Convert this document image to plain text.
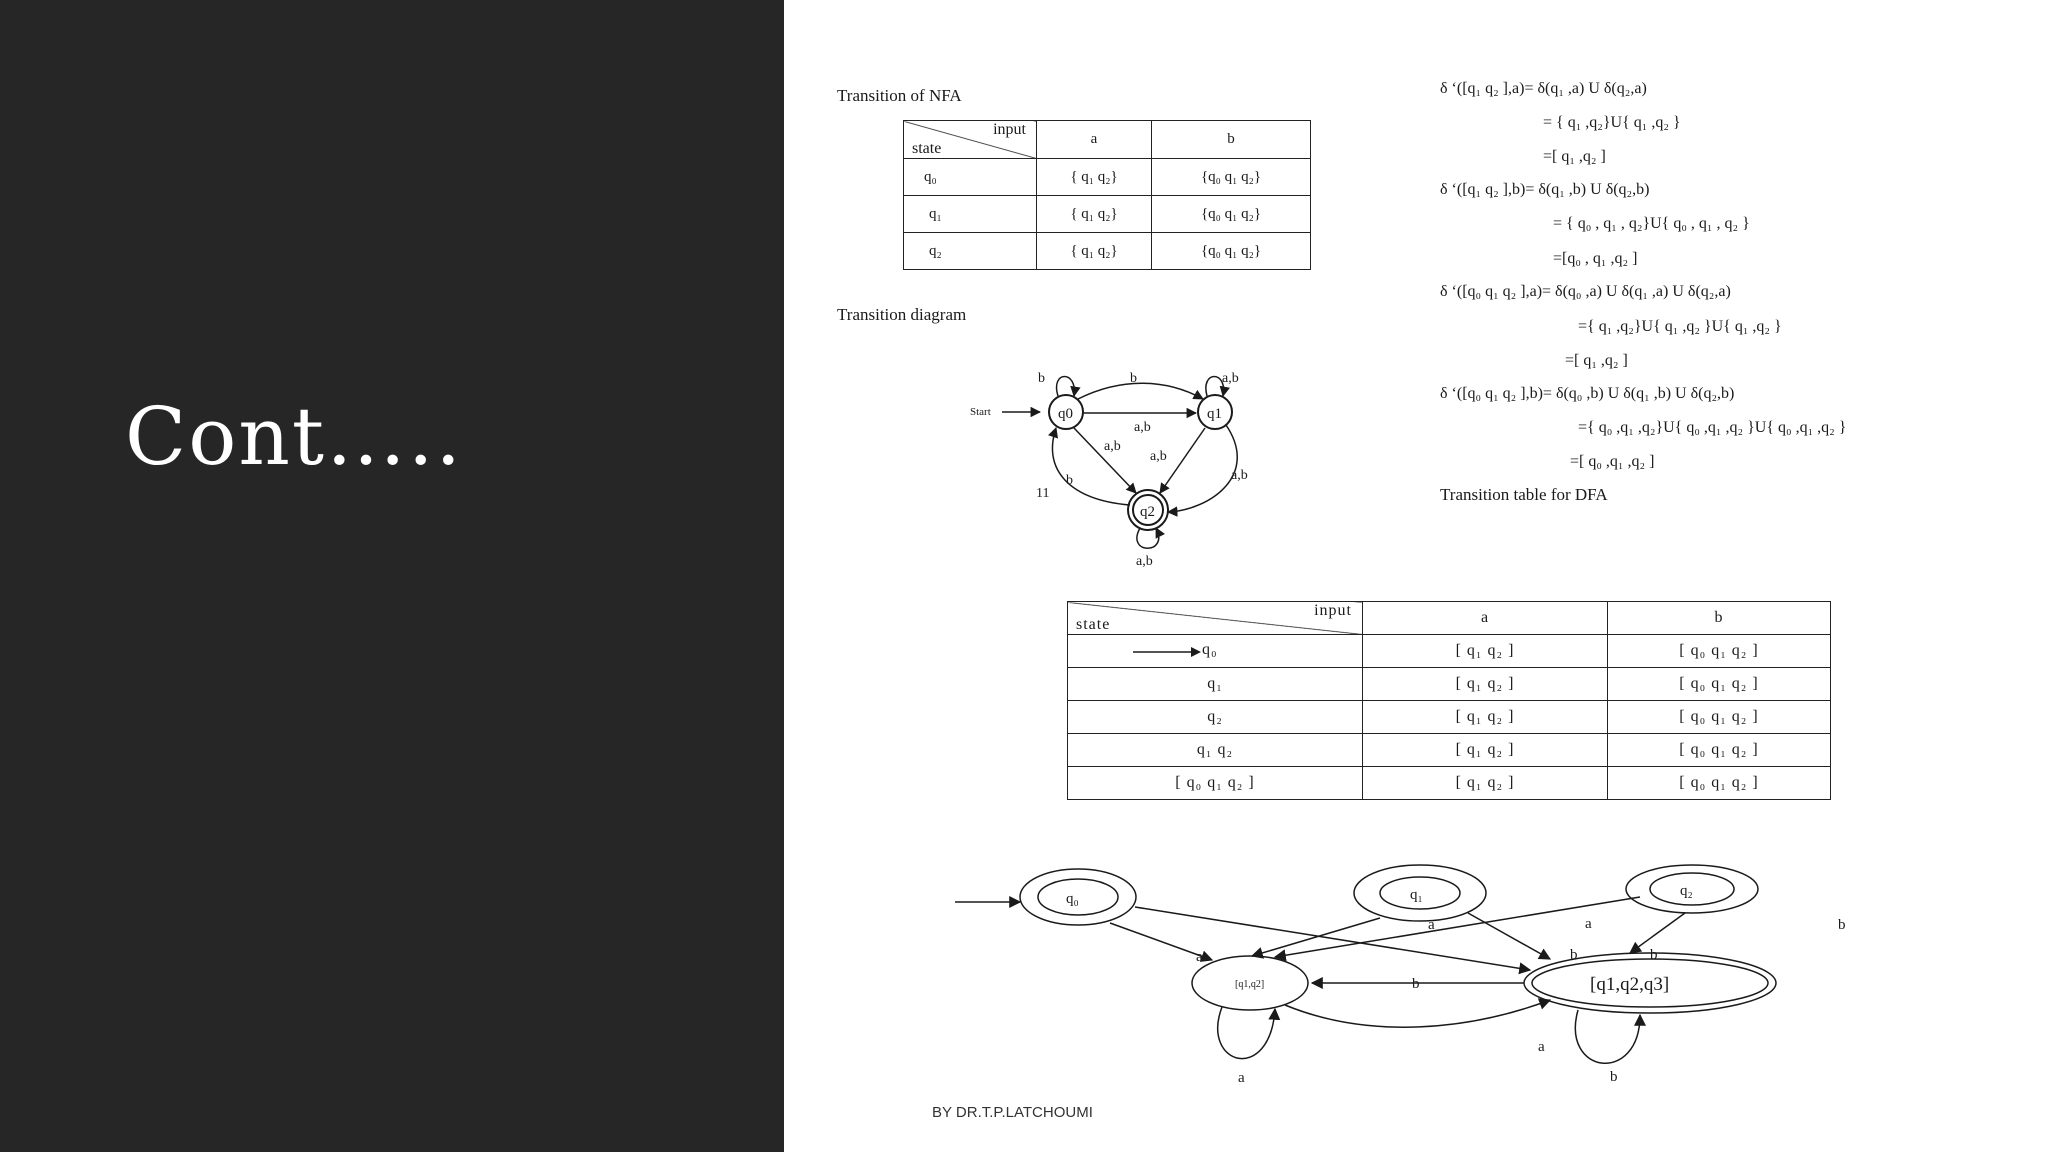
Cont…..
Transition of NFA
input
state	a	b
q₀	{ q₁ q₂}	{q₀ q₁ q₂}
q₁	{ q₁ q₂}	{q₀ q₁ q₂}
q₂	{ q₁ q₂}	{q₀ q₁ q₂}
Transition diagram
Start	q0	q1
q2
b	b	a,b
a,b
a,b
a,b
a,b
b
11
a,b
δ ‘([q₁ q₂ ],a)= δ(q₁ ,a) U δ(q₂,a)
= { q₁ ,q₂}U{ q₁ ,q₂ }
=[ q₁ ,q₂ ]
δ ‘([q₁ q₂ ],b)= δ(q₁ ,b) U δ(q₂,b)
= { q₀ , q₁ , q₂}U{ q₀ , q₁ , q₂ }
=[q₀ , q₁ ,q₂ ]
δ ‘([q₀ q₁ q₂ ],a)= δ(q₀ ,a) U δ(q₁ ,a) U δ(q₂,a)
={ q₁ ,q₂}U{ q₁ ,q₂ }U{ q₁ ,q₂ }
=[ q₁ ,q₂ ]
δ ‘([q₀ q₁ q₂ ],b)= δ(q₀ ,b) U δ(q₁ ,b) U δ(q₂,b)
={ q₀ ,q₁ ,q₂}U{ q₀ ,q₁ ,q₂ }U{ q₀ ,q₁ ,q₂ }
=[ q₀ ,q₁ ,q₂ ]
Transition table for DFA
input
state	a	b

q₀	[ q₁ q₂ ]	[ q₀ q₁ q₂ ]
q₁	[ q₁ q₂ ]	[ q₀ q₁ q₂ ]
q₂	[ q₁ q₂ ]	[ q₀ q₁ q₂ ]
q₁ q₂	[ q₁ q₂ ]	[ q₀ q₁ q₂ ]
[ q₀ q₁ q₂ ]	[ q₁ q₂ ]	[ q₀ q₁ q₂ ]
q₀	q₁	q₂
[q1,q2]	[q1,q2,q3]
a
a	a
b	b
b
b
a
a	b
BY DR.T.P.LATCHOUMI
